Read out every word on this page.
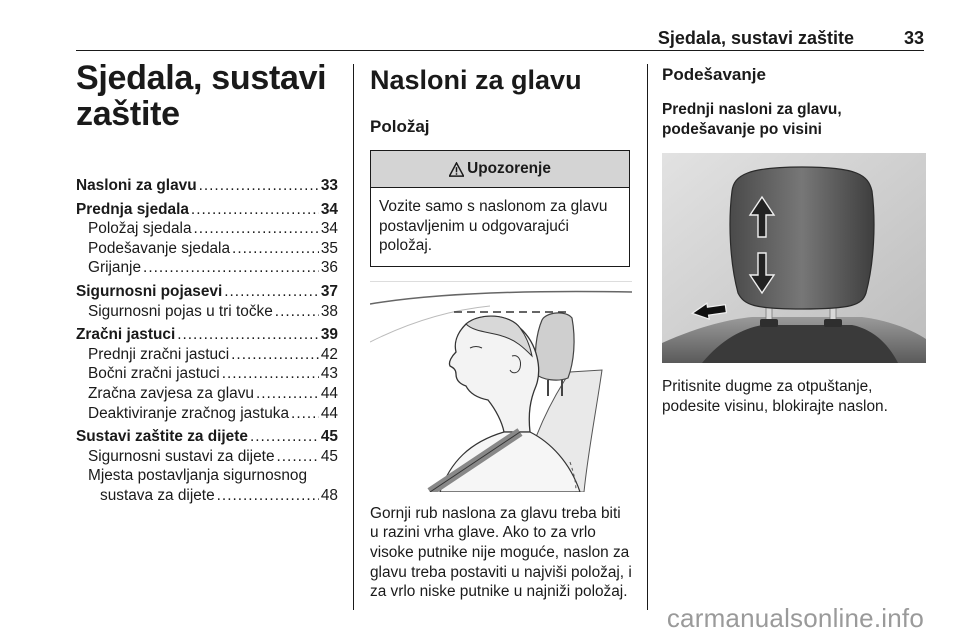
Sjedala, sustavi zaštite	33
Sjedala, sustavi
zaštite
Nasloni za glavu .....	33
Prednja sjedala .....	34
Položaj sjedala .....	34
Podešavanje sjedala .....	35
Grijanje .....	36
Sigurnosni pojasevi .....	37
Sigurnosni pojas u tri točke .....	38
Zračni jastuci .....	39
Prednji zračni jastuci .....	42
Bočni zračni jastuci .....	43
Zračna zavjesa za glavu .....	44
Deaktiviranje zračnog jastuka ..... 44
Sustavi zaštite za dijete .....	45
Sigurnosni sustavi za dijete .....	45
Mjesta postavljanja sigurnosnog
sustava za dijete .....	48
Nasloni za glavu
Položaj
Upozorenje
Vozite samo s naslonom za glavu postavljenim u odgovarajući položaj.

Gornji rub naslona za glavu treba biti u razini vrha glave. Ako to za vrlo visoke putnike nije moguće, naslon za glavu treba postaviti u najviši položaj, i za vrlo niske putnike u najniži položaj.

Podešavanje
Prednji nasloni za glavu,
podešavanje po visini

Pritisnite dugme za otpuštanje, podesite visinu, blokirajte naslon.

carmanualsonline.info
